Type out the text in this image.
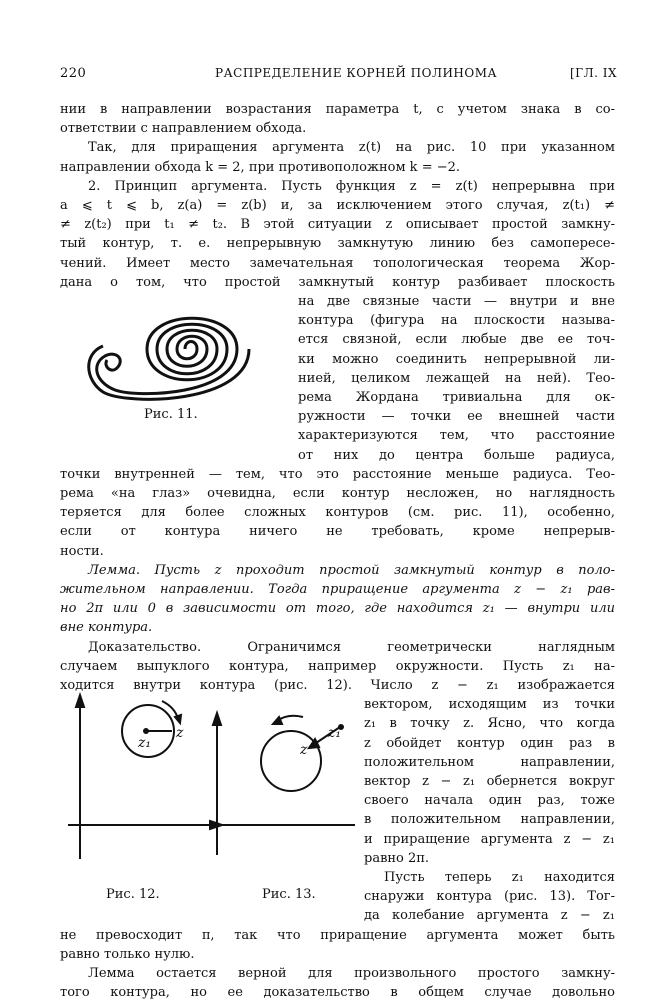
220	РАСПРЕДЕЛЕНИЕ КОРНЕЙ ПОЛИНОМА	[ГЛ. IX
нии в направлении возрастания параметра t, с учетом знака в со-
ответствии с направлением обхода.
Так, для приращения аргумента z(t) на рис. 10 при указанном
направлении обхода k = 2, при противоположном k = −2.
2. Принцип аргумента. Пусть функция z = z(t) непрерывна при
a ⩽ t ⩽ b, z(a) = z(b) и, за исключением этого случая, z(t₁) ≠
≠ z(t₂) при t₁ ≠ t₂. В этой ситуации z описывает простой замкну-
тый контур, т. е. непрерывную замкнутую линию без самопересе-
чений. Имеет место замечательная топологическая теорема Жор-
дана о том, что простой замкнутый контур разбивает плоскость
на две связные части — внутри и вне
контура (фигура на плоскости называ-
ется связной, если любые две ее точ-
ки можно соединить непрерывной ли-
нией, целиком лежащей на ней). Тео-
рема Жордана тривиальна для ок-
ружности — точки ее внешней части
характеризуются тем, что расстояние
от них до центра больше радиуса,
точки внутренней — тем, что это расстояние меньше радиуса. Тео-
рема «на глаз» очевидна, если контур несложен, но наглядность
теряется для более сложных контуров (см. рис. 11), особенно,
если от контура ничего не требовать, кроме непрерыв-
ности.
Лемма. Пусть z проходит простой замкнутый контур в поло-
жительном направлении. Тогда приращение аргумента z − z₁ рав-
но 2π или 0 в зависимости от того, где находится z₁ — внутри или
вне контура.
Доказательство. Ограничимся геометрически наглядным
случаем выпуклого контура, например окружности. Пусть z₁ на-
ходится внутри контура (рис. 12). Число z − z₁ изображается
вектором, исходящим из точки
z₁ в точку z. Ясно, что когда
z обойдет контур один раз в
положительном направлении,
вектор z − z₁ обернется вокруг
своего начала один раз, тоже
в положительном направлении,
и приращение аргумента z − z₁
равно 2π.
Рис. 11.
z₁
z
Рис. 12.
z₁
z
Рис. 13.
Пусть теперь z₁ находится
снаружи контура (рис. 13). Тог-
да колебание аргумента z − z₁
не превосходит π, так что приращение аргумента может быть
равно только нулю.
Лемма остается верной для произвольного простого замкну-
того контура, но ее доказательство в общем случае довольно
